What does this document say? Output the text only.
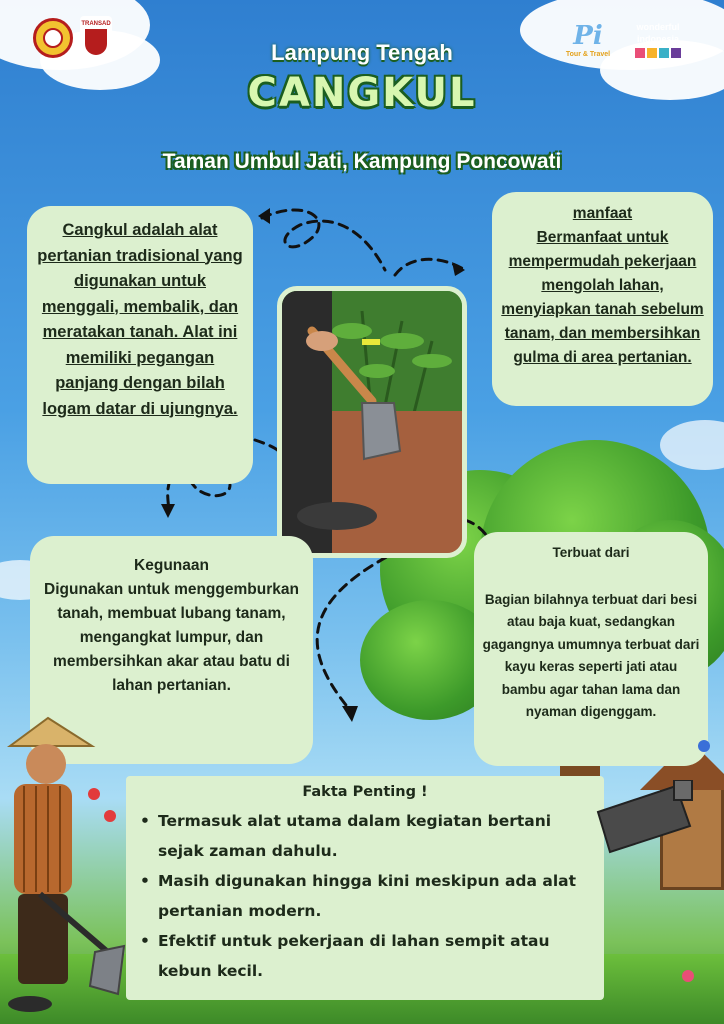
TRANSAD	Pi
Tour & Travel
wonderful indonesia
Lampung Tengah
CANGKUL
Taman Umbul Jati, Kampung Poncowati

Cangkul adalah alat pertanian tradisional yang digunakan untuk menggali, membalik, dan meratakan tanah. Alat ini memiliki pegangan panjang dengan bilah logam datar di ujungnya.

manfaat

Bermanfaat untuk mempermudah pekerjaan mengolah lahan, menyiapkan tanah sebelum tanam, dan membersihkan gulma di area pertanian.

Kegunaan

Digunakan untuk menggemburkan tanah, membuat lubang tanam, mengangkat lumpur, dan membersihkan akar atau batu di lahan pertanian.

Terbuat dari

Bagian bilahnya terbuat dari besi atau baja kuat, sedangkan gagangnya umumnya terbuat dari kayu keras seperti jati atau bambu agar tahan lama dan nyaman digenggam.

Fakta Penting !

• Termasuk alat utama dalam kegiatan bertani sejak zaman dahulu.
• Masih digunakan hingga kini meskipun ada alat pertanian modern.
• Efektif untuk pekerjaan di lahan sempit atau kebun kecil.
